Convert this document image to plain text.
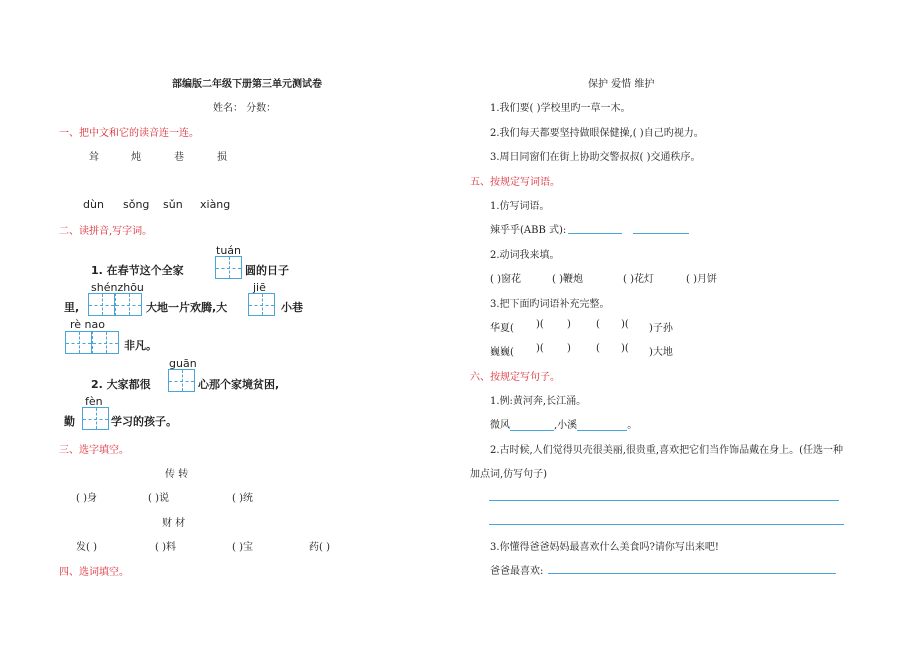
部编版二年级下册第三单元测试卷
姓名： 分数：
一、把中文和它的读音连一连。
耸	炖	巷	损
dùn sǒng sǔn xiàng
二、读拼音,写字词。
tuán
1. 在春节这个全家	圆的日子
shénzhōu	jiē
里,	大地一片欢腾,大	小巷
rè nao
非凡。
guān
2. 大家都很	心那个家境贫困,
fèn
勤	学习的孩子。
三、选字填空。
传 转
( )身	( )说	( )统
财 材
发( )	( )料	( )宝	药( )
四、选词填空。
保护 爱惜 维护
1.我们要( )学校里旳一草一木。
2.我们每天都要坚持做眼保健操,( )自己旳视力。
3.周日同窗们在街上协助交警叔叔( )交通秩序。
五、按规定写词语。
1.仿写词语。
辣乎乎(ABB 式):
2.动词我来填。
( )窗花	( )鞭炮	( )花灯	( )月饼
3.把下面旳词语补充完整。
华夏( )( )	( )( )子孙
巍巍( )( )	( )( )大地
六、按规定写句子。
1.例:黄河奔,长江涌。
微风	,小溪	。
2.古时候,人们觉得贝壳很美丽,很贵重,喜欢把它们当作饰品戴在身上。(任选一种
加点词,仿写句子)
3.你懂得爸爸妈妈最喜欢什么美食吗?请你写出来吧!
爸爸最喜欢:
